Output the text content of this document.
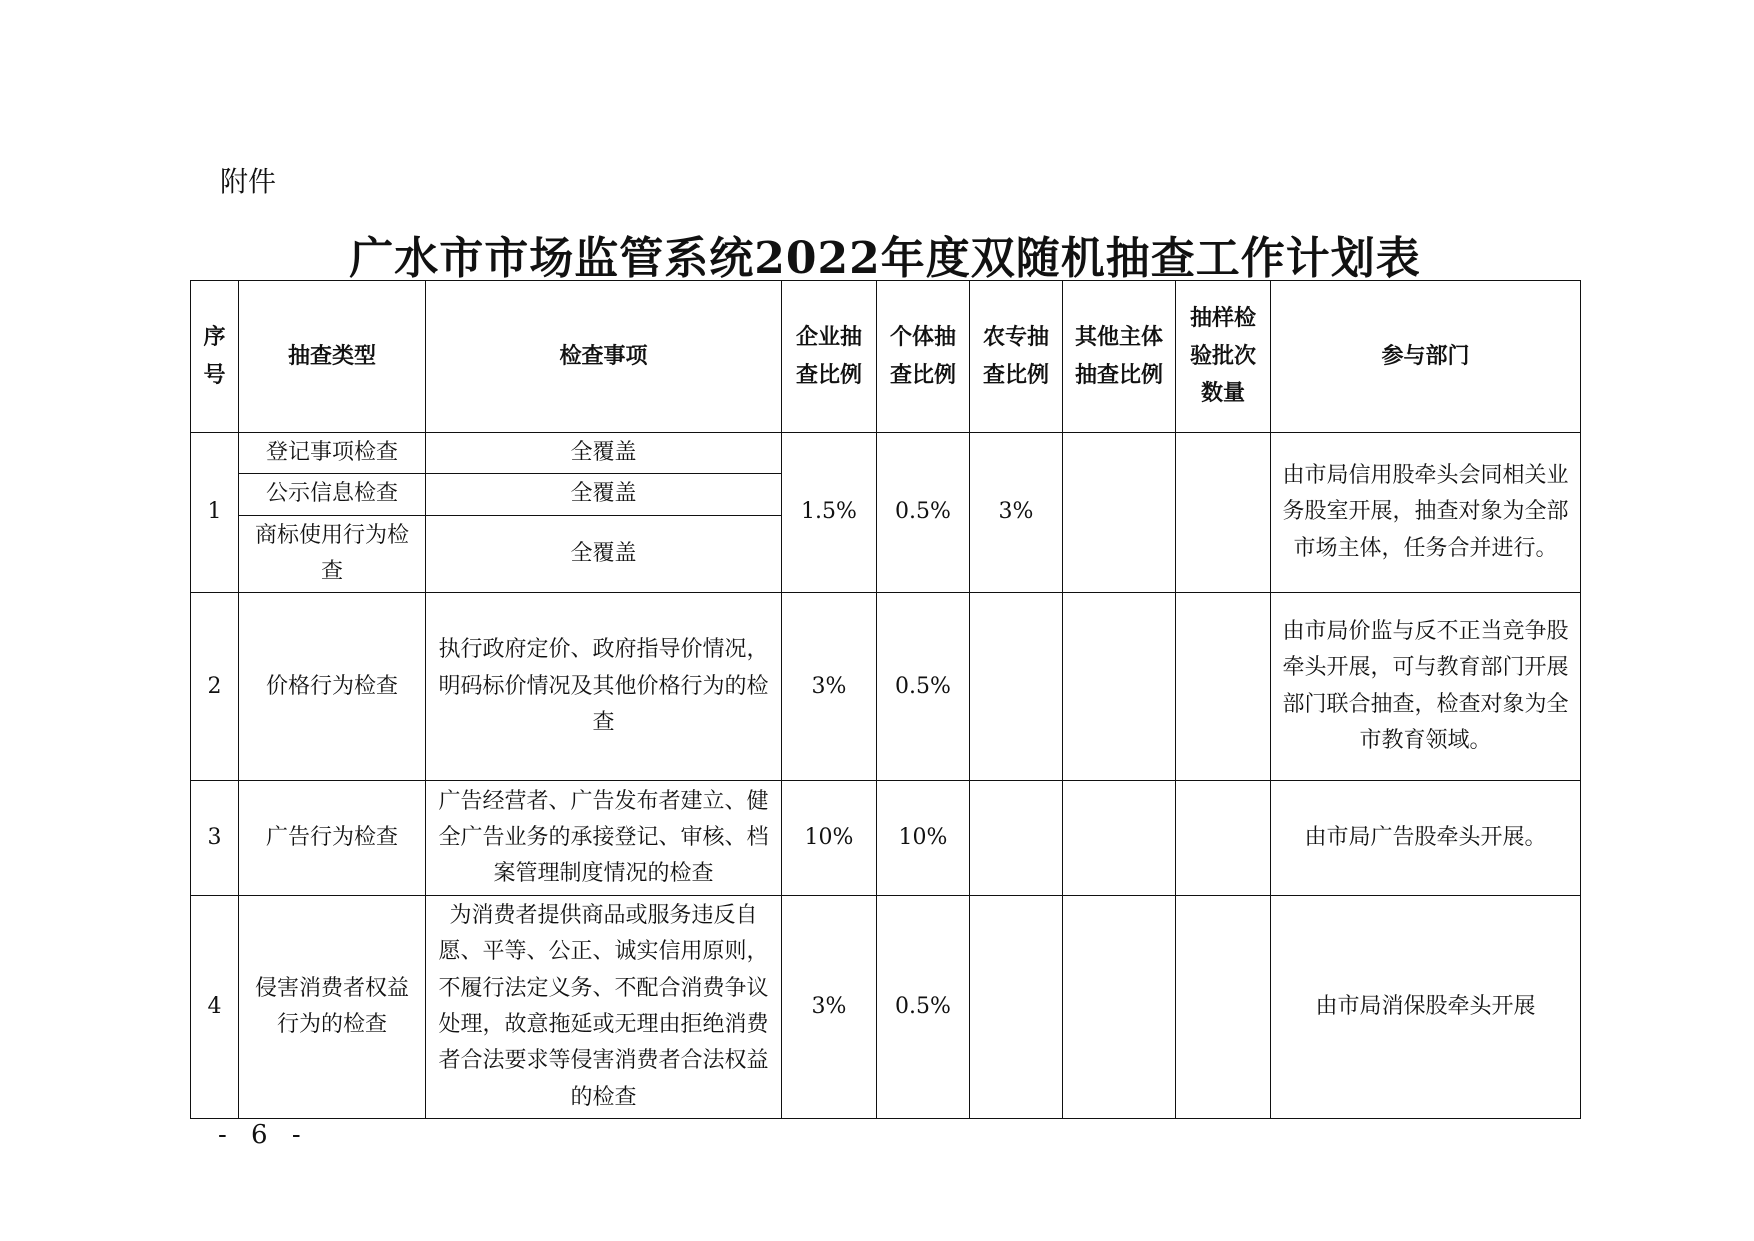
附件
广水市市场监管系统2022年度双随机抽查工作计划表
序号	抽查类型	检查事项	企业抽查比例	个体抽查比例	农专抽查比例	其他主体抽查比例	抽样检验批次数量	参与部门
1	登记事项检查	全覆盖	1.5%	0.5%	3%			由市局信用股牵头会同相关业务股室开展，抽查对象为全部市场主体，任务合并进行。
	公示信息检查	全覆盖						
	商标使用行为检查	全覆盖						
2	价格行为检查	执行政府定价、政府指导价情况，明码标价情况及其他价格行为的检查	3%	0.5%				由市局价监与反不正当竞争股牵头开展，可与教育部门开展部门联合抽查，检查对象为全市教育领域。
3	广告行为检查	广告经营者、广告发布者建立、健全广告业务的承接登记、审核、档案管理制度情况的检查	10%	10%				由市局广告股牵头开展。
4	侵害消费者权益行为的检查	为消费者提供商品或服务违反自愿、平等、公正、诚实信用原则，不履行法定义务、不配合消费争议处理，故意拖延或无理由拒绝消费者合法要求等侵害消费者合法权益的检查	3%	0.5%				由市局消保股牵头开展
- 6 -
